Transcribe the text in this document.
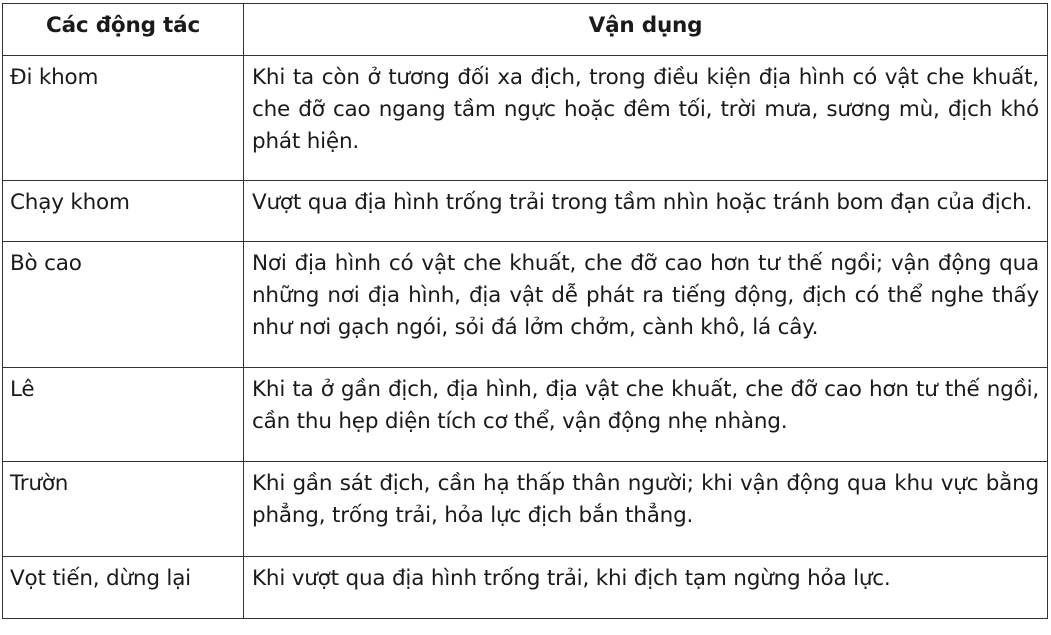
Các động tác	Vận dụng
Đi khom	Khi ta còn ở tương đối xa địch, trong điều kiện địa hình có vật che khuất, che đỡ cao ngang tầm ngực hoặc đêm tối, trời mưa, sương mù, địch khó phát hiện.
Chạy khom	Vượt qua địa hình trống trải trong tầm nhìn hoặc tránh bom đạn của địch.
Bò cao	Nơi địa hình có vật che khuất, che đỡ cao hơn tư thế ngồi; vận động qua những nơi địa hình, địa vật dễ phát ra tiếng động, địch có thể nghe thấy như nơi gạch ngói, sỏi đá lởm chởm, cành khô, lá cây.
Lê	Khi ta ở gần địch, địa hình, địa vật che khuất, che đỡ cao hơn tư thế ngồi, cần thu hẹp diện tích cơ thể, vận động nhẹ nhàng.
Trườn	Khi gần sát địch, cần hạ thấp thân người; khi vận động qua khu vực bằng phẳng, trống trải, hỏa lực địch bắn thẳng.
Vọt tiến, dừng lại	Khi vượt qua địa hình trống trải, khi địch tạm ngừng hỏa lực.
